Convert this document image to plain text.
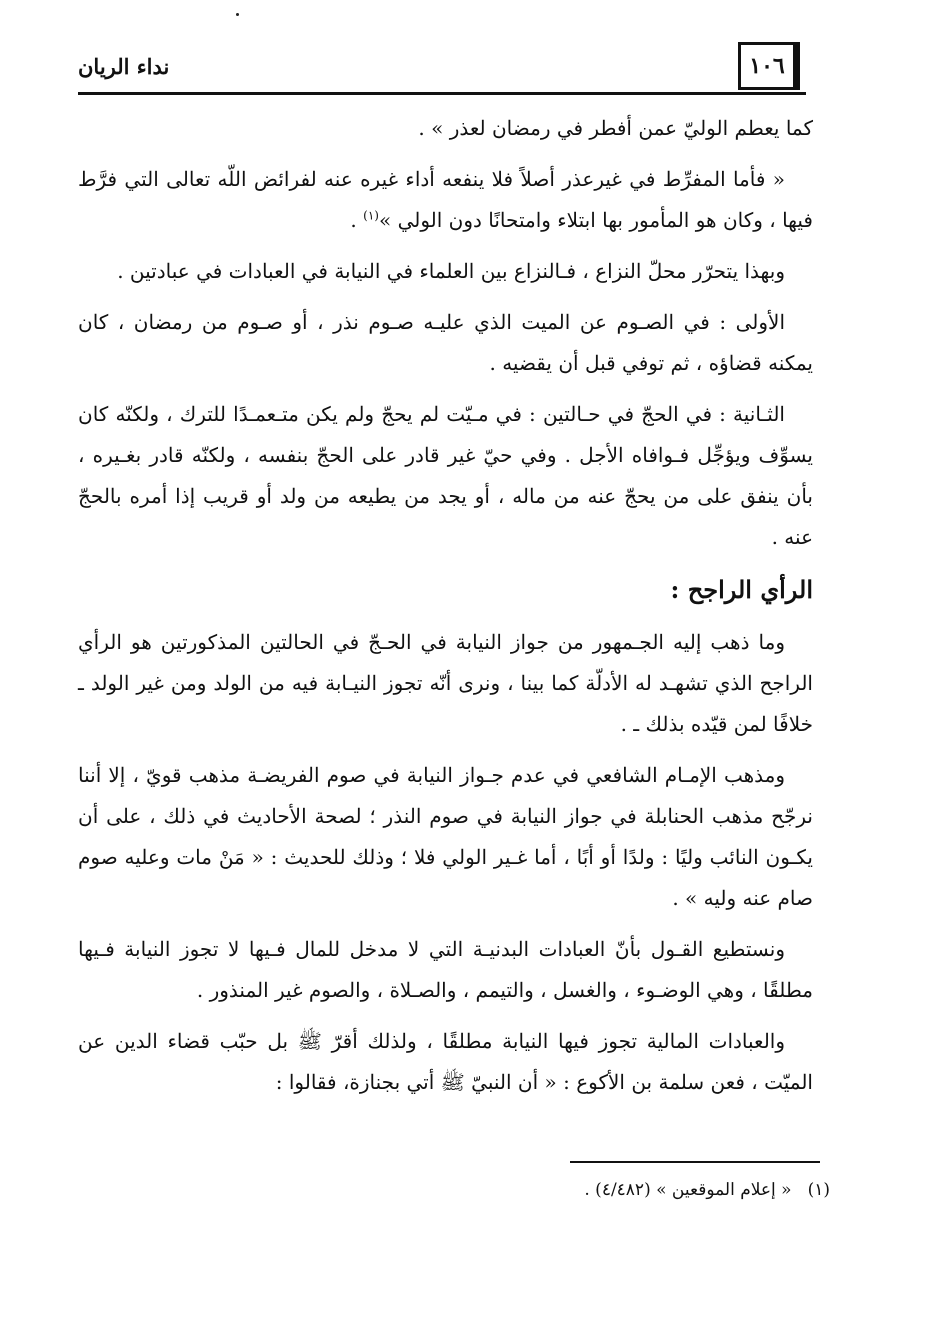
نداء الريان	١٠٦

كما يعطم الوليّ عمن أفطر في رمضان لعذر » .

« فأما المفرِّط في غيرعذر أصلاً فلا ينفعه أداء غيره عنه لفرائض اللّه تعالى التي فرَّط فيها ، وكان هو المأمور بها ابتلاء وامتحانًا دون الولي »$^{(١)}$ .

وبهذا يتحرّر محلّ النزاع ، فـالنزاع بين العلماء في النيابة في العبادات في عبادتين .

الأولى : في الصـوم عن الميت الذي عليـه صـوم نذر ، أو صـوم من رمضان ، كان يمكنه قضاؤه ، ثم توفي قبل أن يقضيه .

الثـانية : في الحجّ في حـالتين : في مـيّت لم يحجّ ولم يكن متـعمـدًا للترك ، ولكنّه كان يسوِّف ويؤجِّل فـوافاه الأجل . وفي حيّ غير قادر على الحجّ بنفسه ، ولكنّه قادر بغـيره ، بأن ينفق على من يحجّ عنه من ماله ، أو يجد من يطيعه من ولد أو قريب إذا أمره بالحجّ عنه .

الرأي الراجح :

وما ذهب إليه الجـمهور من جواز النيابة في الحـجّ في الحالتين المذكورتين هو الرأي الراجح الذي تشهـد له الأدلّة كما بينا ، ونرى أنّه تجوز النيـابة فيه من الولد ومن غير الولد ـ خلافًا لمن قيّده بذلك ـ .

ومذهب الإمـام الشافعي في عدم جـواز النيابة في صوم الفريضـة مذهب قويّ ، إلا أننا نرجّح مذهب الحنابلة في جواز النيابة في صوم النذر ؛ لصحة الأحاديث في ذلك ، على أن يكـون النائب وليًا : ولدًا أو أبًا ، أما غـير الولي فلا ؛ وذلك للحديث : « مَنْ مات وعليه صوم صام عنه وليه » .

ونستطيع القـول بأنّ العبادات البدنيـة التي لا مدخل للمال فـيها لا تجوز النيابة فـيها مطلقًا ، وهي الوضـوء ، والغسل ، والتيمم ، والصـلاة ، والصوم غير المنذور .

والعبادات المالية تجوز فيها النيابة مطلقًا ، ولذلك أقرّ ﷺ بل حبّب قضاء الدين عن الميّت ، فعن سلمة بن الأكوع : « أن النبيّ ﷺ أتي بجنازة، فقالوا :

(١)« إعلام الموقعين » (٤/٤٨٢) .
